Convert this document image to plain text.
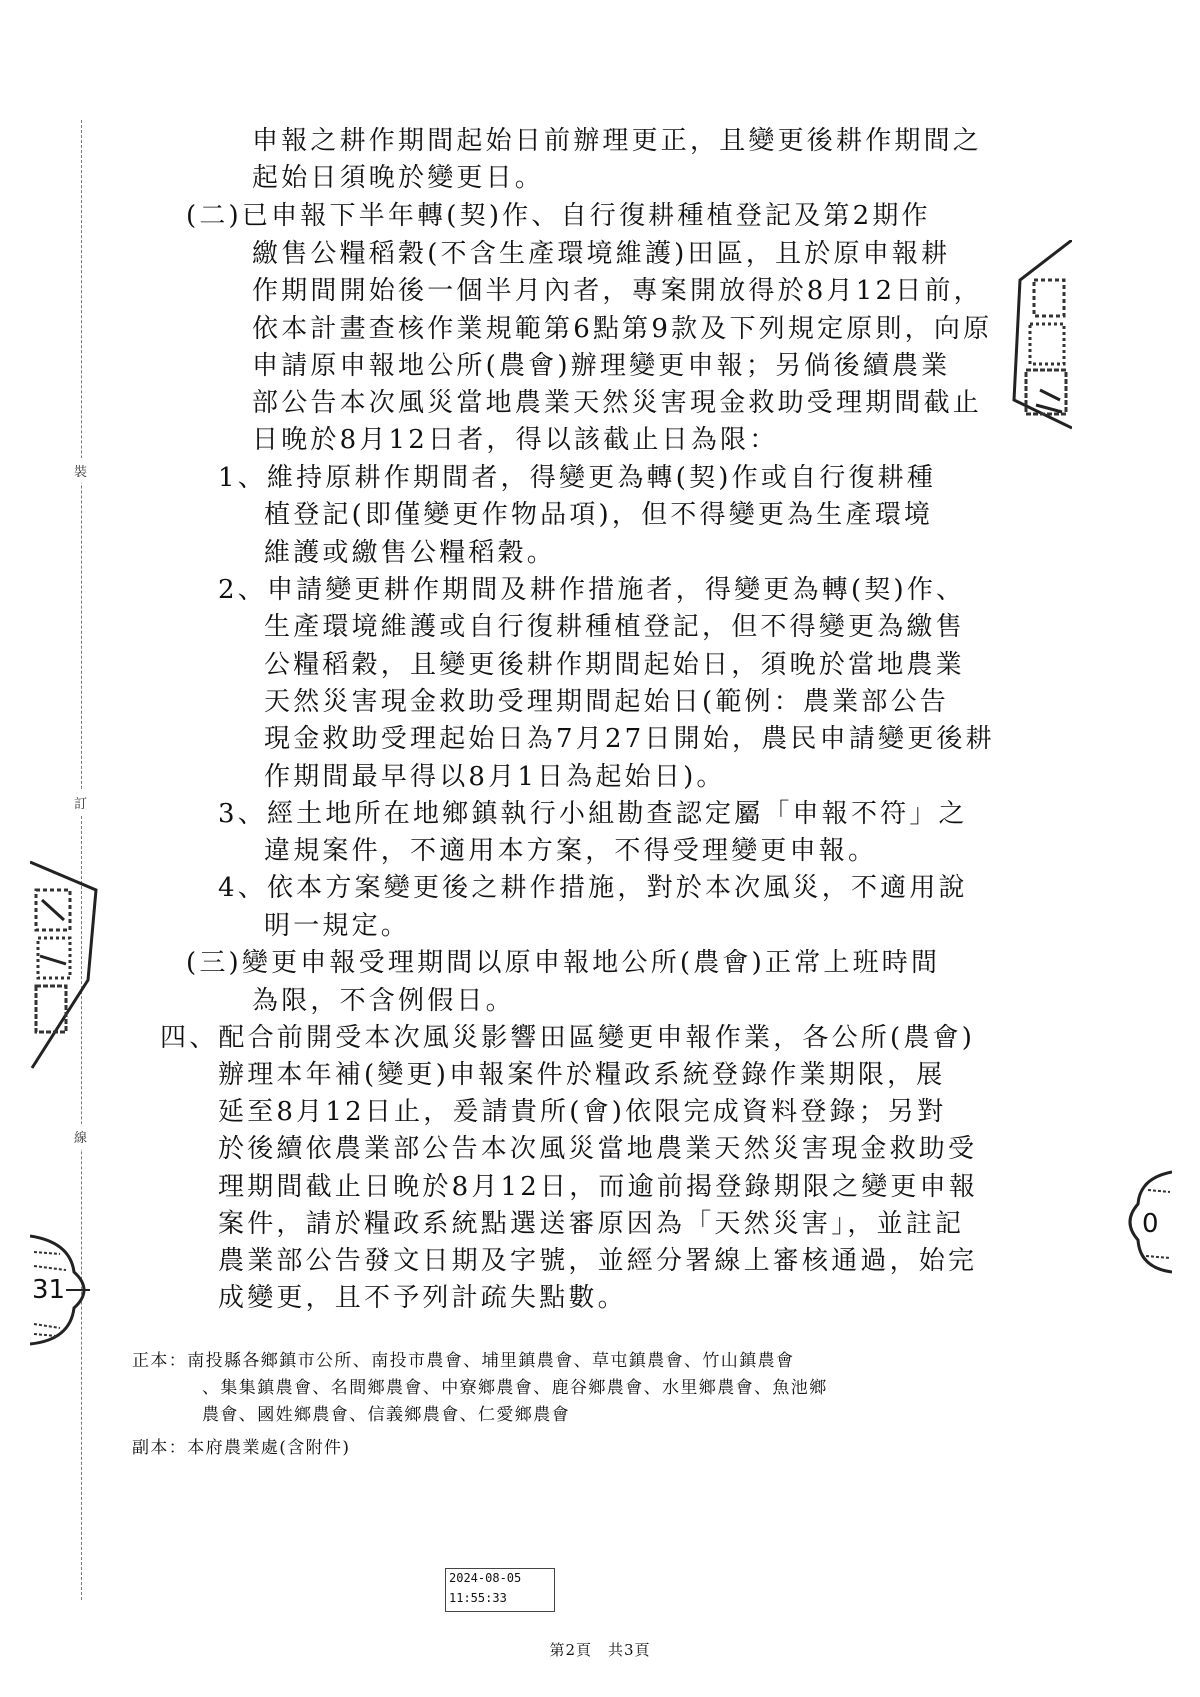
裝
訂
線
31
0
申報之耕作期間起始日前辦理更正，且變更後耕作期間之
起始日須晚於變更日。
(二)已申報下半年轉(契)作、自行復耕種植登記及第2期作
繳售公糧稻穀(不含生產環境維護)田區，且於原申報耕
作期間開始後一個半月內者，專案開放得於8月12日前，
依本計畫查核作業規範第6點第9款及下列規定原則，向原
申請原申報地公所(農會)辦理變更申報；另倘後續農業
部公告本次風災當地農業天然災害現金救助受理期間截止
日晚於8月12日者，得以該截止日為限：
1、維持原耕作期間者，得變更為轉(契)作或自行復耕種
植登記(即僅變更作物品項)，但不得變更為生產環境
維護或繳售公糧稻穀。
2、申請變更耕作期間及耕作措施者，得變更為轉(契)作、
生產環境維護或自行復耕種植登記，但不得變更為繳售
公糧稻穀，且變更後耕作期間起始日，須晚於當地農業
天然災害現金救助受理期間起始日(範例：農業部公告
現金救助受理起始日為7月27日開始，農民申請變更後耕
作期間最早得以8月1日為起始日)。
3、經土地所在地鄉鎮執行小組勘查認定屬「申報不符」之
違規案件，不適用本方案，不得受理變更申報。
4、依本方案變更後之耕作措施，對於本次風災，不適用說
明一規定。
(三)變更申報受理期間以原申報地公所(農會)正常上班時間
為限，不含例假日。
四、配合前開受本次風災影響田區變更申報作業，各公所(農會)
辦理本年補(變更)申報案件於糧政系統登錄作業期限，展
延至8月12日止，爰請貴所(會)依限完成資料登錄；另對
於後續依農業部公告本次風災當地農業天然災害現金救助受
理期間截止日晚於8月12日，而逾前揭登錄期限之變更申報
案件，請於糧政系統點選送審原因為「天然災害」，並註記
農業部公告發文日期及字號，並經分署線上審核通過，始完
成變更，且不予列計疏失點數。
正本：南投縣各鄉鎮市公所、南投市農會、埔里鎮農會、草屯鎮農會、竹山鎮農會
、集集鎮農會、名間鄉農會、中寮鄉農會、鹿谷鄉農會、水里鄉農會、魚池鄉
農會、國姓鄉農會、信義鄉農會、仁愛鄉農會
副本：本府農業處(含附件)
2024-08-05
11:55:33
第2頁　共3頁
